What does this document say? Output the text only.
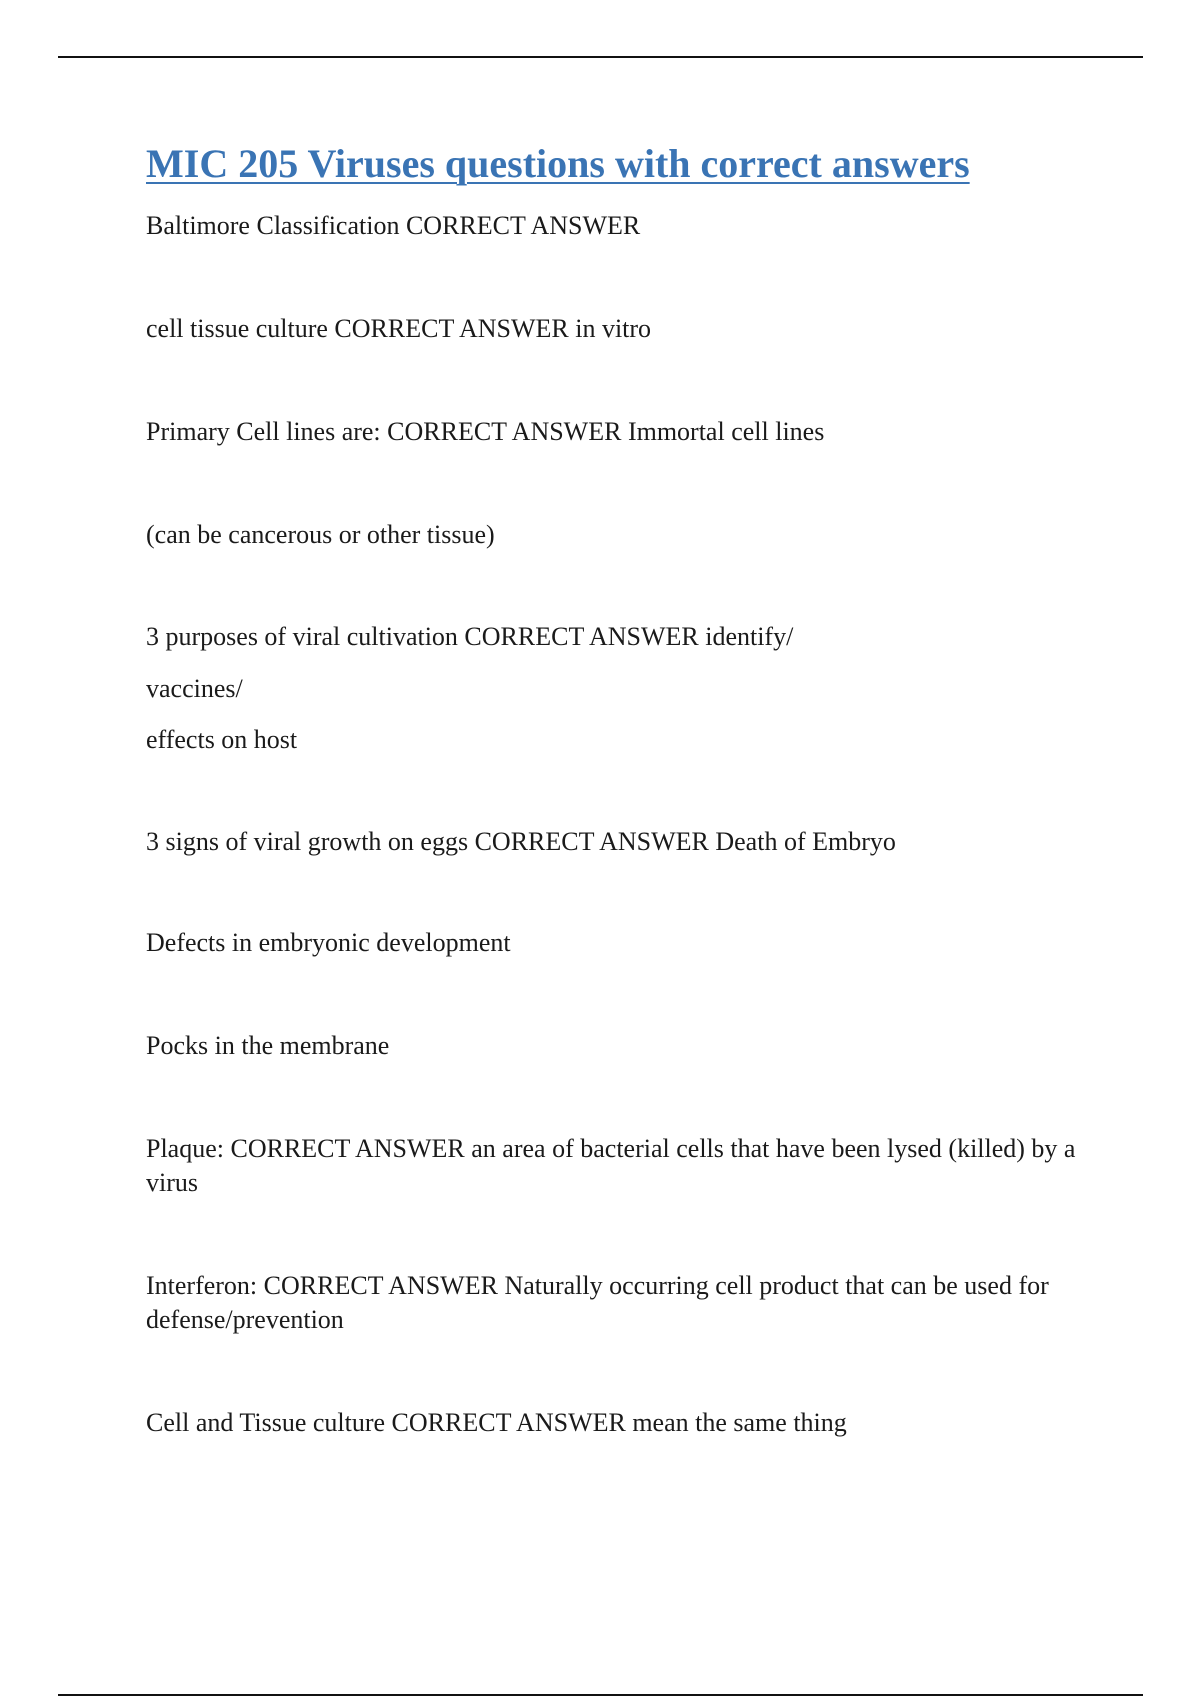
MIC 205 Viruses questions with correct answers

Baltimore Classification CORRECT ANSWER

cell tissue culture CORRECT ANSWER in vitro

Primary Cell lines are: CORRECT ANSWER Immortal cell lines

(can be cancerous or other tissue)

3 purposes of viral cultivation CORRECT ANSWER identify/

vaccines/

effects on host

3 signs of viral growth on eggs CORRECT ANSWER Death of Embryo

Defects in embryonic development

Pocks in the membrane

Plaque: CORRECT ANSWER an area of bacterial cells that have been lysed (killed) by a virus

Interferon: CORRECT ANSWER Naturally occurring cell product that can be used for defense/prevention

Cell and Tissue culture CORRECT ANSWER mean the same thing
